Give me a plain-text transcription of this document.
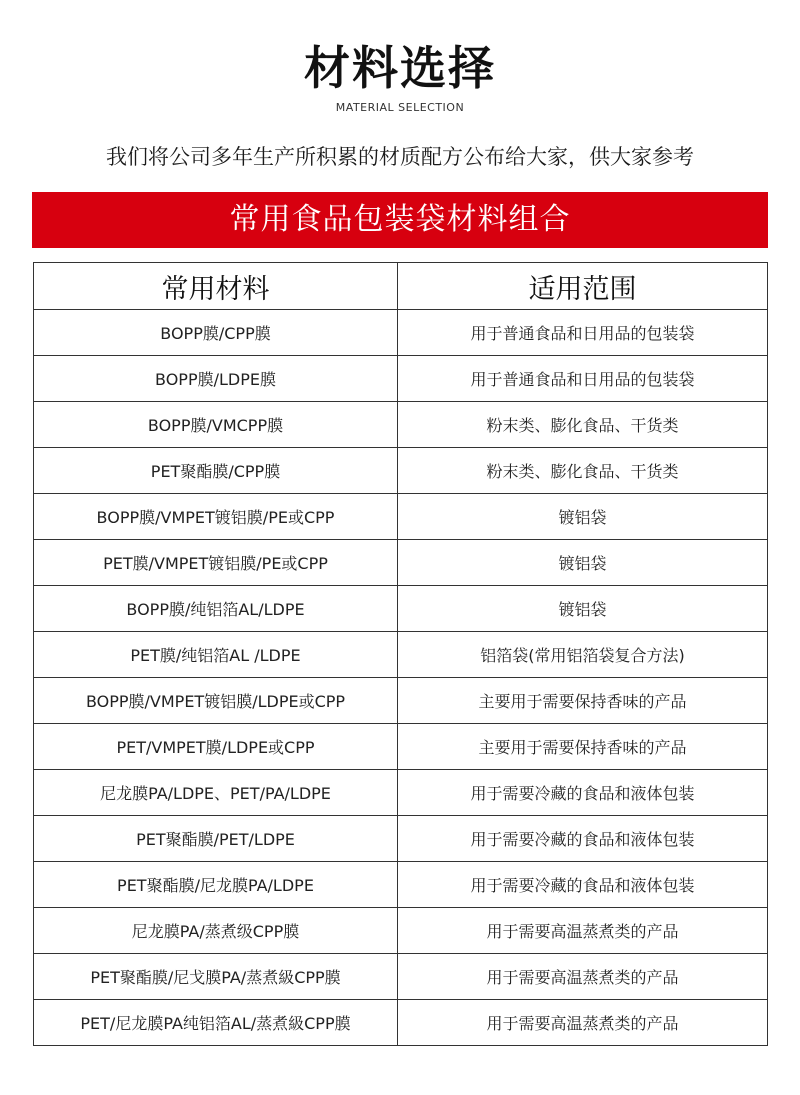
材料选择
MATERIAL SELECTION
我们将公司多年生产所积累的材质配方公布给大家，供大家参考
常用食品包装袋材料组合
常用材料	适用范围
BOPP膜/CPP膜	用于普通食品和日用品的包装袋
BOPP膜/LDPE膜	用于普通食品和日用品的包装袋
BOPP膜/VMCPP膜	粉末类、膨化食品、干货类
PET聚酯膜/CPP膜	粉末类、膨化食品、干货类
BOPP膜/VMPET镀铝膜/PE或CPP	镀铝袋
PET膜/VMPET镀铝膜/PE或CPP	镀铝袋
BOPP膜/纯铝箔AL/LDPE	镀铝袋
PET膜/纯铝箔AL /LDPE	铝箔袋(常用铝箔袋复合方法)
BOPP膜/VMPET镀铝膜/LDPE或CPP	主要用于需要保持香味的产品
PET/VMPET膜/LDPE或CPP	主要用于需要保持香味的产品
尼龙膜PA/LDPE、PET/PA/LDPE	用于需要冷藏的食品和液体包装
PET聚酯膜/PET/LDPE	用于需要冷藏的食品和液体包装
PET聚酯膜/尼龙膜PA/LDPE	用于需要冷藏的食品和液体包装
尼龙膜PA/蒸煮级CPP膜	用于需要高温蒸煮类的产品
PET聚酯膜/尼戈膜PA/蒸煮級CPP膜	用于需要高温蒸煮类的产品
PET/尼龙膜PA纯铝箔AL/蒸煮級CPP膜	用于需要高温蒸煮类的产品
